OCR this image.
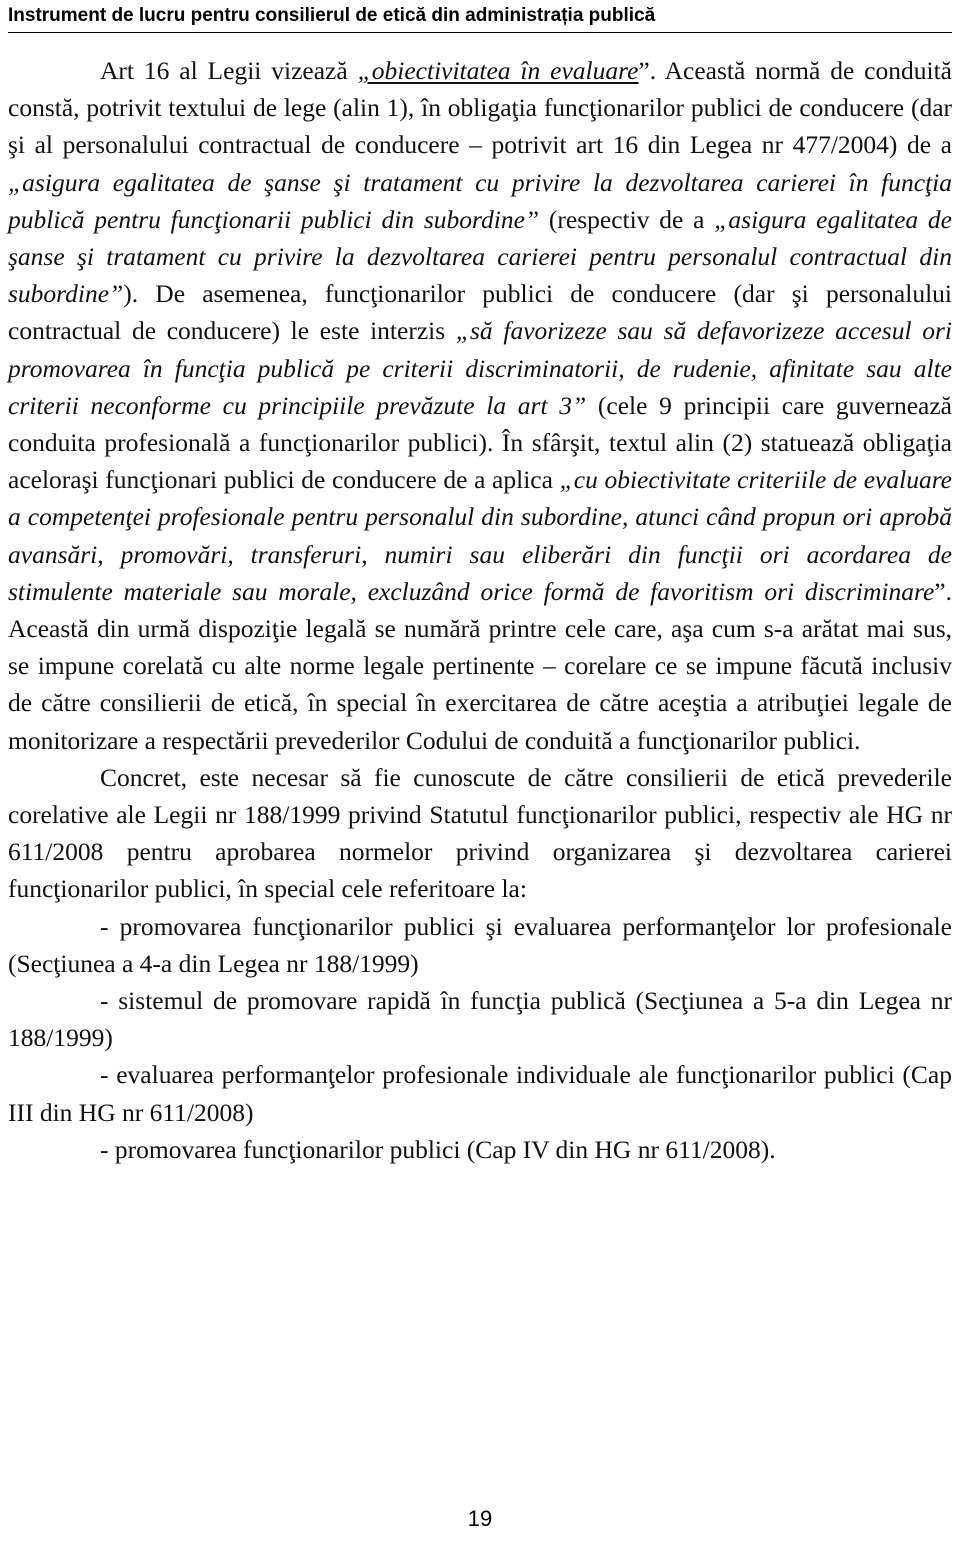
Instrument de lucru pentru consilierul de etică din administrația publică

Art 16 al Legii vizează „obiectivitatea în evaluare”. Această normă de conduită constă, potrivit textului de lege (alin 1), în obligaţia funcţionarilor publici de conducere (dar şi al personalului contractual de conducere – potrivit art 16 din Legea nr 477/2004) de a „asigura egalitatea de şanse şi tratament cu privire la dezvoltarea carierei în funcţia publică pentru funcţionarii publici din subordine” (respectiv de a „asigura egalitatea de şanse şi tratament cu privire la dezvoltarea carierei pentru personalul contractual din subordine”). De asemenea, funcţionarilor publici de conducere (dar şi personalului contractual de conducere) le este interzis „să favorizeze sau să defavorizeze accesul ori promovarea în funcţia publică pe criterii discriminatorii, de rudenie, afinitate sau alte criterii neconforme cu principiile prevăzute la art 3” (cele 9 principii care guvernează conduita profesională a funcţionarilor publici). În sfârşit, textul alin (2) statuează obligaţia aceloraşi funcţionari publici de conducere de a aplica „cu obiectivitate criteriile de evaluare a competenţei profesionale pentru personalul din subordine, atunci când propun ori aprobă avansări, promovări, transferuri, numiri sau eliberări din funcţii ori acordarea de stimulente materiale sau morale, excluzând orice formă de favoritism ori discriminare”. Această din urmă dispoziţie legală se numără printre cele care, aşa cum s-a arătat mai sus, se impune corelată cu alte norme legale pertinente – corelare ce se impune făcută inclusiv de către consilierii de etică, în special în exercitarea de către aceştia a atribuţiei legale de monitorizare a respectării prevederilor Codului de conduită a funcţionarilor publici.

Concret, este necesar să fie cunoscute de către consilierii de etică prevederile corelative ale Legii nr 188/1999 privind Statutul funcţionarilor publici, respectiv ale HG nr 611/2008 pentru aprobarea normelor privind organizarea şi dezvoltarea carierei funcţionarilor publici, în special cele referitoare la:

- promovarea funcţionarilor publici şi evaluarea performanţelor lor profesionale (Secţiunea a 4-a din Legea nr 188/1999)

- sistemul de promovare rapidă în funcţia publică (Secţiunea a 5-a din Legea nr 188/1999)

- evaluarea performanţelor profesionale individuale ale funcţionarilor publici (Cap III din HG nr 611/2008)

- promovarea funcţionarilor publici (Cap IV din HG nr 611/2008).

19
